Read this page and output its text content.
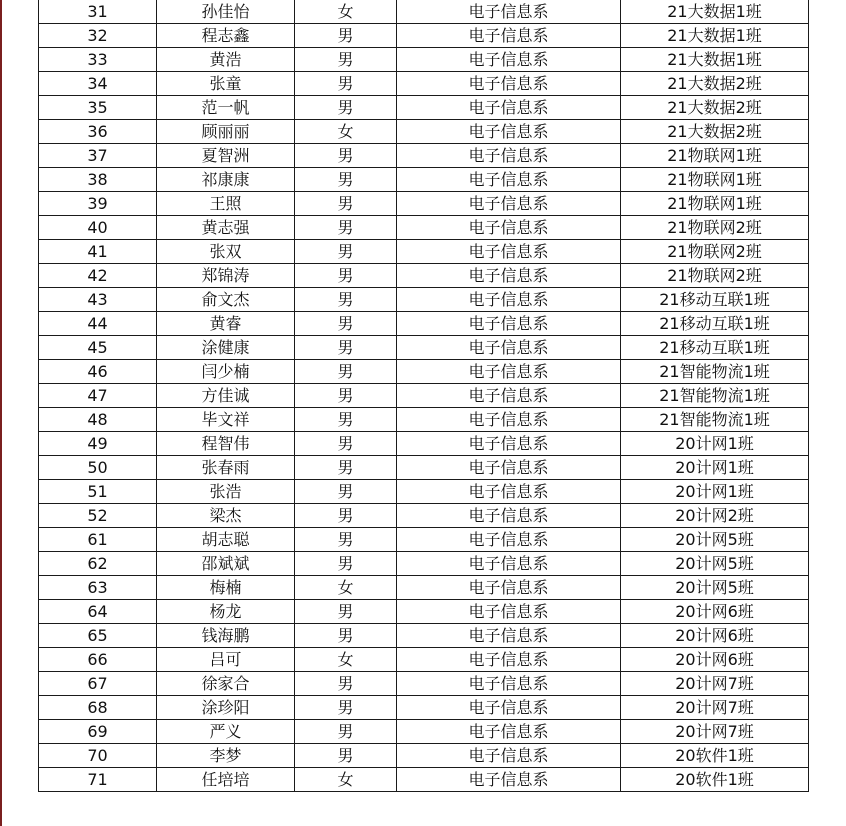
31	孙佳怡	女	电子信息系	21大数据1班
32	程志鑫	男	电子信息系	21大数据1班
33	黄浩	男	电子信息系	21大数据1班
34	张童	男	电子信息系	21大数据2班
35	范一帆	男	电子信息系	21大数据2班
36	顾丽丽	女	电子信息系	21大数据2班
37	夏智洲	男	电子信息系	21物联网1班
38	祁康康	男	电子信息系	21物联网1班
39	王照	男	电子信息系	21物联网1班
40	黄志强	男	电子信息系	21物联网2班
41	张双	男	电子信息系	21物联网2班
42	郑锦涛	男	电子信息系	21物联网2班
43	俞文杰	男	电子信息系	21移动互联1班
44	黄睿	男	电子信息系	21移动互联1班
45	涂健康	男	电子信息系	21移动互联1班
46	闫少楠	男	电子信息系	21智能物流1班
47	方佳诚	男	电子信息系	21智能物流1班
48	毕文祥	男	电子信息系	21智能物流1班
49	程智伟	男	电子信息系	20计网1班
50	张春雨	男	电子信息系	20计网1班
51	张浩	男	电子信息系	20计网1班
52	梁杰	男	电子信息系	20计网2班
61	胡志聪	男	电子信息系	20计网5班
62	邵斌斌	男	电子信息系	20计网5班
63	梅楠	女	电子信息系	20计网5班
64	杨龙	男	电子信息系	20计网6班
65	钱海鹏	男	电子信息系	20计网6班
66	吕可	女	电子信息系	20计网6班
67	徐家合	男	电子信息系	20计网7班
68	涂珍阳	男	电子信息系	20计网7班
69	严义	男	电子信息系	20计网7班
70	李梦	男	电子信息系	20软件1班
71	任培培	女	电子信息系	20软件1班
